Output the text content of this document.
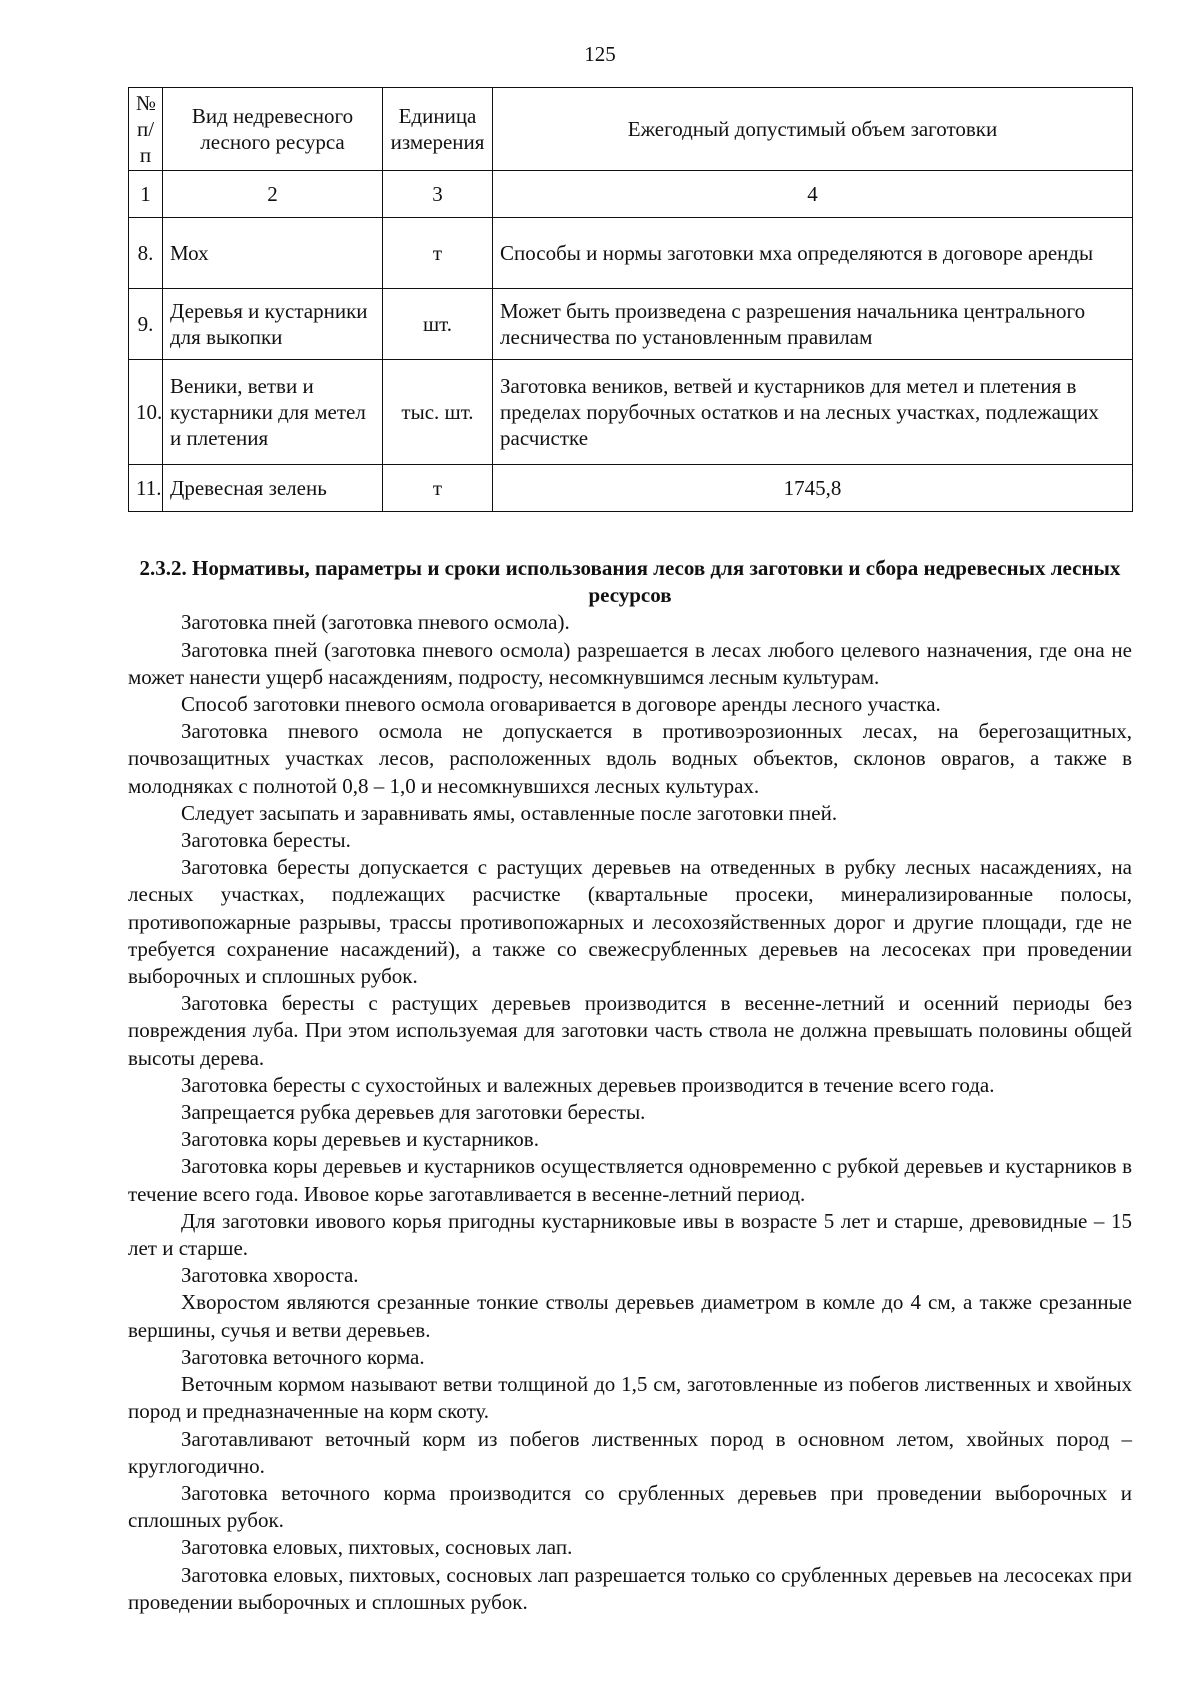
125
№ п/п	Вид недревесного лесного ресурса	Единица измерения	Ежегодный допустимый объем заготовки
1	2	3	4
8.	Мох	т	Способы и нормы заготовки мха определяются в договоре аренды
9.	Деревья и кустарники для выкопки	шт.	Может быть произведена с разрешения начальника центрального лесничества по установленным правилам
10.	Веники, ветви и кустарники для метел и плетения	тыс. шт.	Заготовка веников, ветвей и кустарников для метел и плетения в пределах порубочных остатков и на лесных участках, подлежащих расчистке
11.	Древесная зелень	т	1745,8

2.3.2. Нормативы, параметры и сроки использования лесов для заготовки и сбора недревесных лесных ресурсов

Заготовка пней (заготовка пневого осмола).

Заготовка пней (заготовка пневого осмола) разрешается в лесах любого целевого назначения, где она не может нанести ущерб насаждениям, подросту, несомкнувшимся лесным культурам.

Способ заготовки пневого осмола оговаривается в договоре аренды лесного участка.

Заготовка пневого осмола не допускается в противоэрозионных лесах, на берегозащитных, почвозащитных участках лесов, расположенных вдоль водных объектов, склонов оврагов, а также в молодняках с полнотой 0,8 – 1,0 и несомкнувшихся лесных культурах.

Следует засыпать и заравнивать ямы, оставленные после заготовки пней.

Заготовка бересты.

Заготовка бересты допускается с растущих деревьев на отведенных в рубку лесных насаждениях, на лесных участках, подлежащих расчистке (квартальные просеки, минерализированные полосы, противопожарные разрывы, трассы противопожарных и лесохозяйственных дорог и другие площади, где не требуется сохранение насаждений), а также со свежесрубленных деревьев на лесосеках при проведении выборочных и сплошных рубок.

Заготовка бересты с растущих деревьев производится в весенне-летний и осенний периоды без повреждения луба. При этом используемая для заготовки часть ствола не должна превышать половины общей высоты дерева.

Заготовка бересты с сухостойных и валежных деревьев производится в течение всего года.

Запрещается рубка деревьев для заготовки бересты.

Заготовка коры деревьев и кустарников.

Заготовка коры деревьев и кустарников осуществляется одновременно с рубкой деревьев и кустарников в течение всего года. Ивовое корье заготавливается в весенне-летний период.

Для заготовки ивового корья пригодны кустарниковые ивы в возрасте 5 лет и старше, древовидные – 15 лет и старше.

Заготовка хвороста.

Хворостом являются срезанные тонкие стволы деревьев диаметром в комле до 4 см, а также срезанные вершины, сучья и ветви деревьев.

Заготовка веточного корма.

Веточным кормом называют ветви толщиной до 1,5 см, заготовленные из побегов лиственных и хвойных пород и предназначенные на корм скоту.

Заготавливают веточный корм из побегов лиственных пород в основном летом, хвойных пород – круглогодично.

Заготовка веточного корма производится со срубленных деревьев при проведении выборочных и сплошных рубок.

Заготовка еловых, пихтовых, сосновых лап.

Заготовка еловых, пихтовых, сосновых лап разрешается только со срубленных деревьев на лесосеках при проведении выборочных и сплошных рубок.
